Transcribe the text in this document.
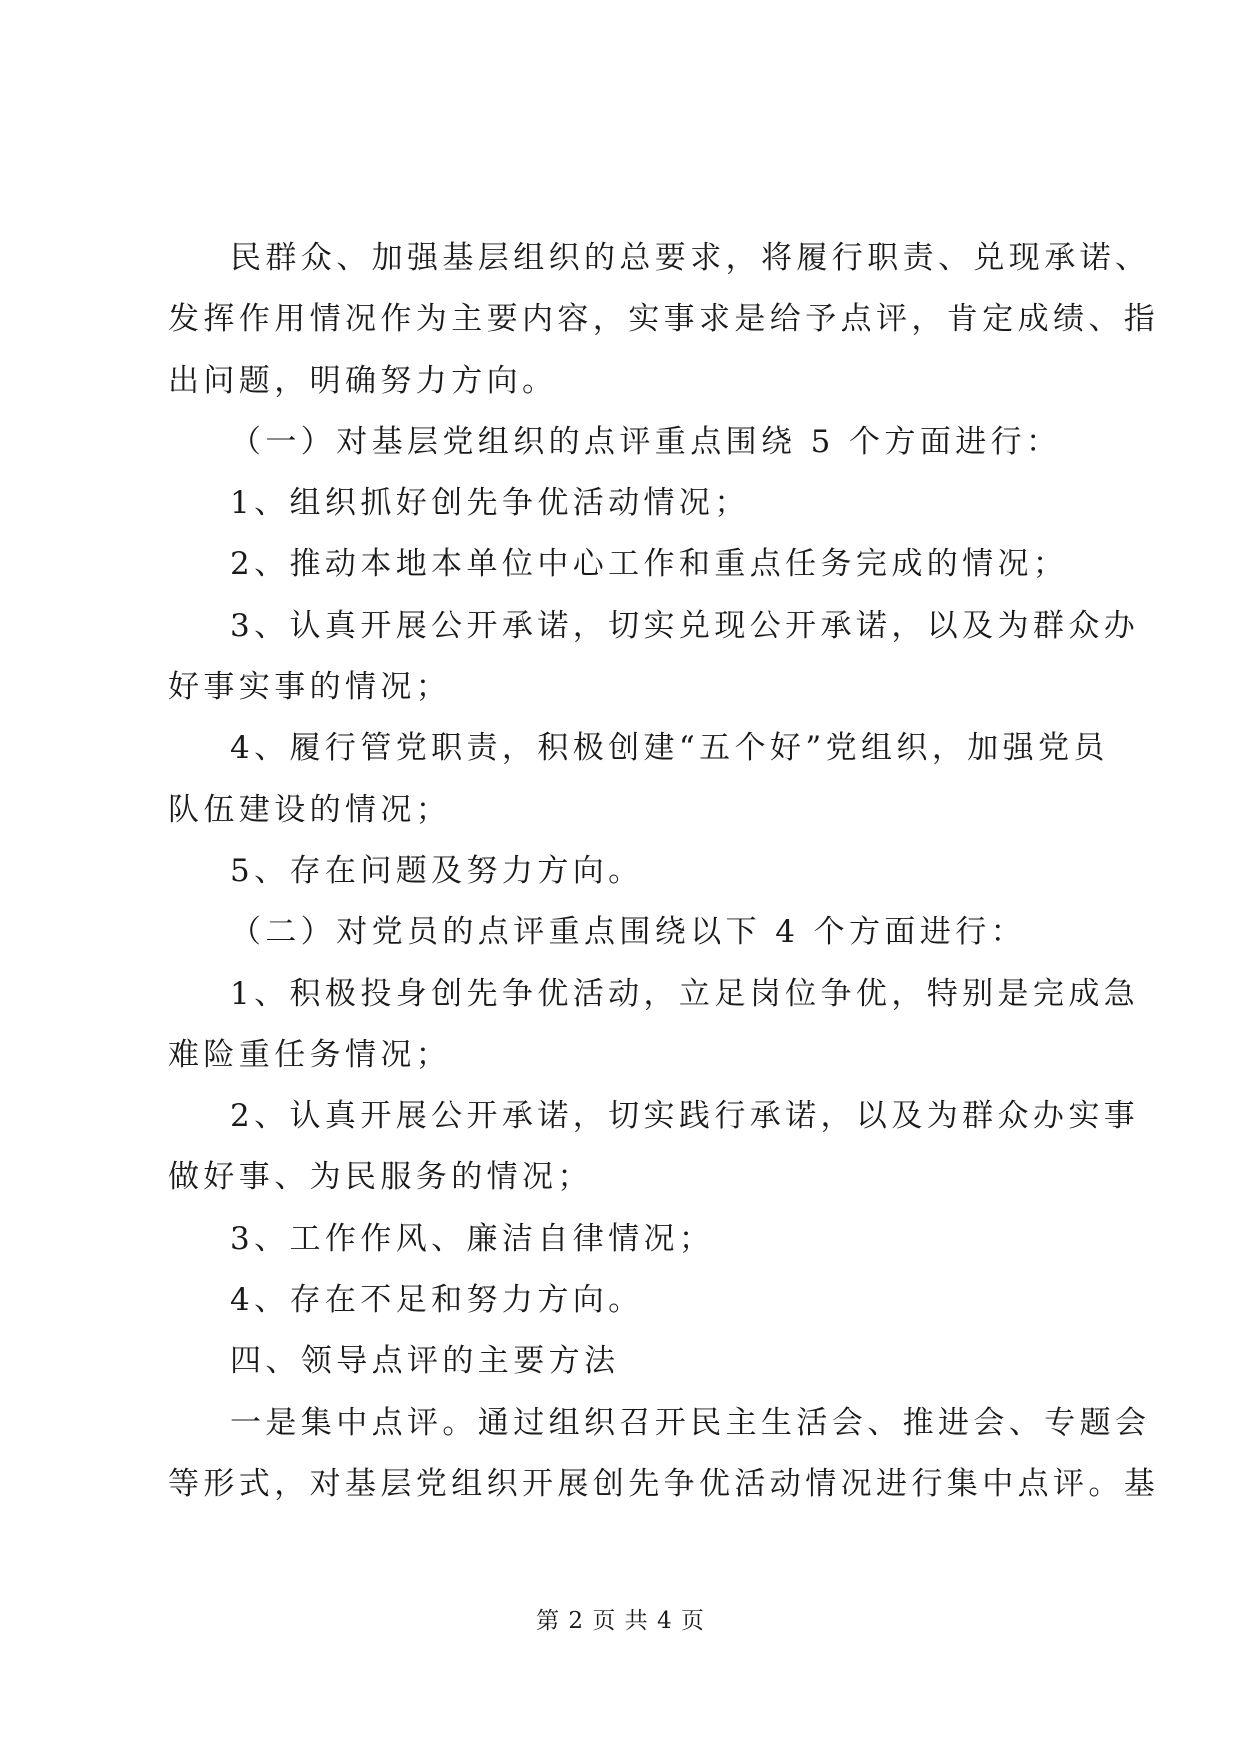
民群众、加强基层组织的总要求，将履行职责、兑现承诺、
发挥作用情况作为主要内容，实事求是给予点评，肯定成绩、指
出问题，明确努力方向。
（一）对基层党组织的点评重点围绕 5 个方面进行：
1、组织抓好创先争优活动情况；
2、推动本地本单位中心工作和重点任务完成的情况；
3、认真开展公开承诺，切实兑现公开承诺，以及为群众办
好事实事的情况；
4、履行管党职责，积极创建“五个好”党组织，加强党员
队伍建设的情况；
5、存在问题及努力方向。
（二）对党员的点评重点围绕以下 4 个方面进行：
1、积极投身创先争优活动，立足岗位争优，特别是完成急
难险重任务情况；
2、认真开展公开承诺，切实践行承诺，以及为群众办实事
做好事、为民服务的情况；
3、工作作风、廉洁自律情况；
4、存在不足和努力方向。
四、领导点评的主要方法
一是集中点评。通过组织召开民主生活会、推进会、专题会
等形式，对基层党组织开展创先争优活动情况进行集中点评。基
第 2 页 共 4 页
